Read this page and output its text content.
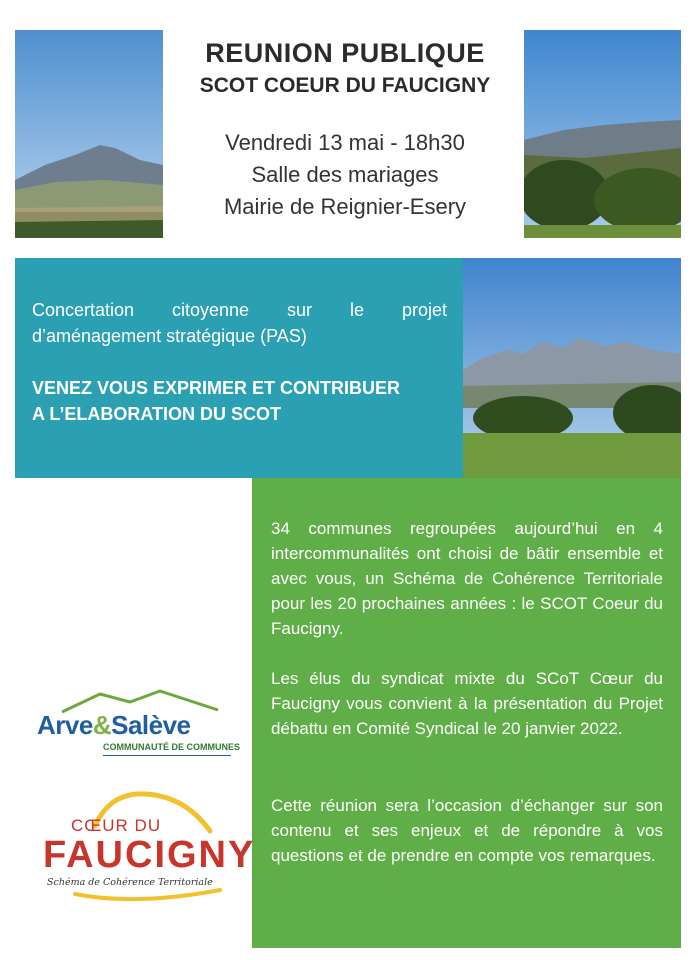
REUNION PUBLIQUE
SCOT COEUR DU FAUCIGNY
Vendredi 13 mai - 18h30
Salle des mariages
Mairie de Reignier-Esery
Concertation citoyenne sur le projet d’aménagement stratégique (PAS)
VENEZ VOUS EXPRIMER ET CONTRIBUER
A L’ELABORATION DU SCOT
34 communes regroupées aujourd’hui en 4 intercommunalités ont choisi de bâtir ensemble et avec vous, un Schéma de Cohérence Territoriale pour les 20 prochaines années : le SCOT Coeur du Faucigny.
Les élus du syndicat mixte du SCoT Cœur du Faucigny vous convient à la présentation du Projet débattu en Comité Syndical le 20 janvier 2022.
Cette réunion sera l’occasion d’échanger sur son contenu et ses enjeux et de répondre à vos questions et de prendre en compte vos remarques.
Arve&Salève
COMMUNAUTÉ DE COMMUNES
CŒUR DU
FAUCIGNY
Schéma de Cohérence Territoriale
